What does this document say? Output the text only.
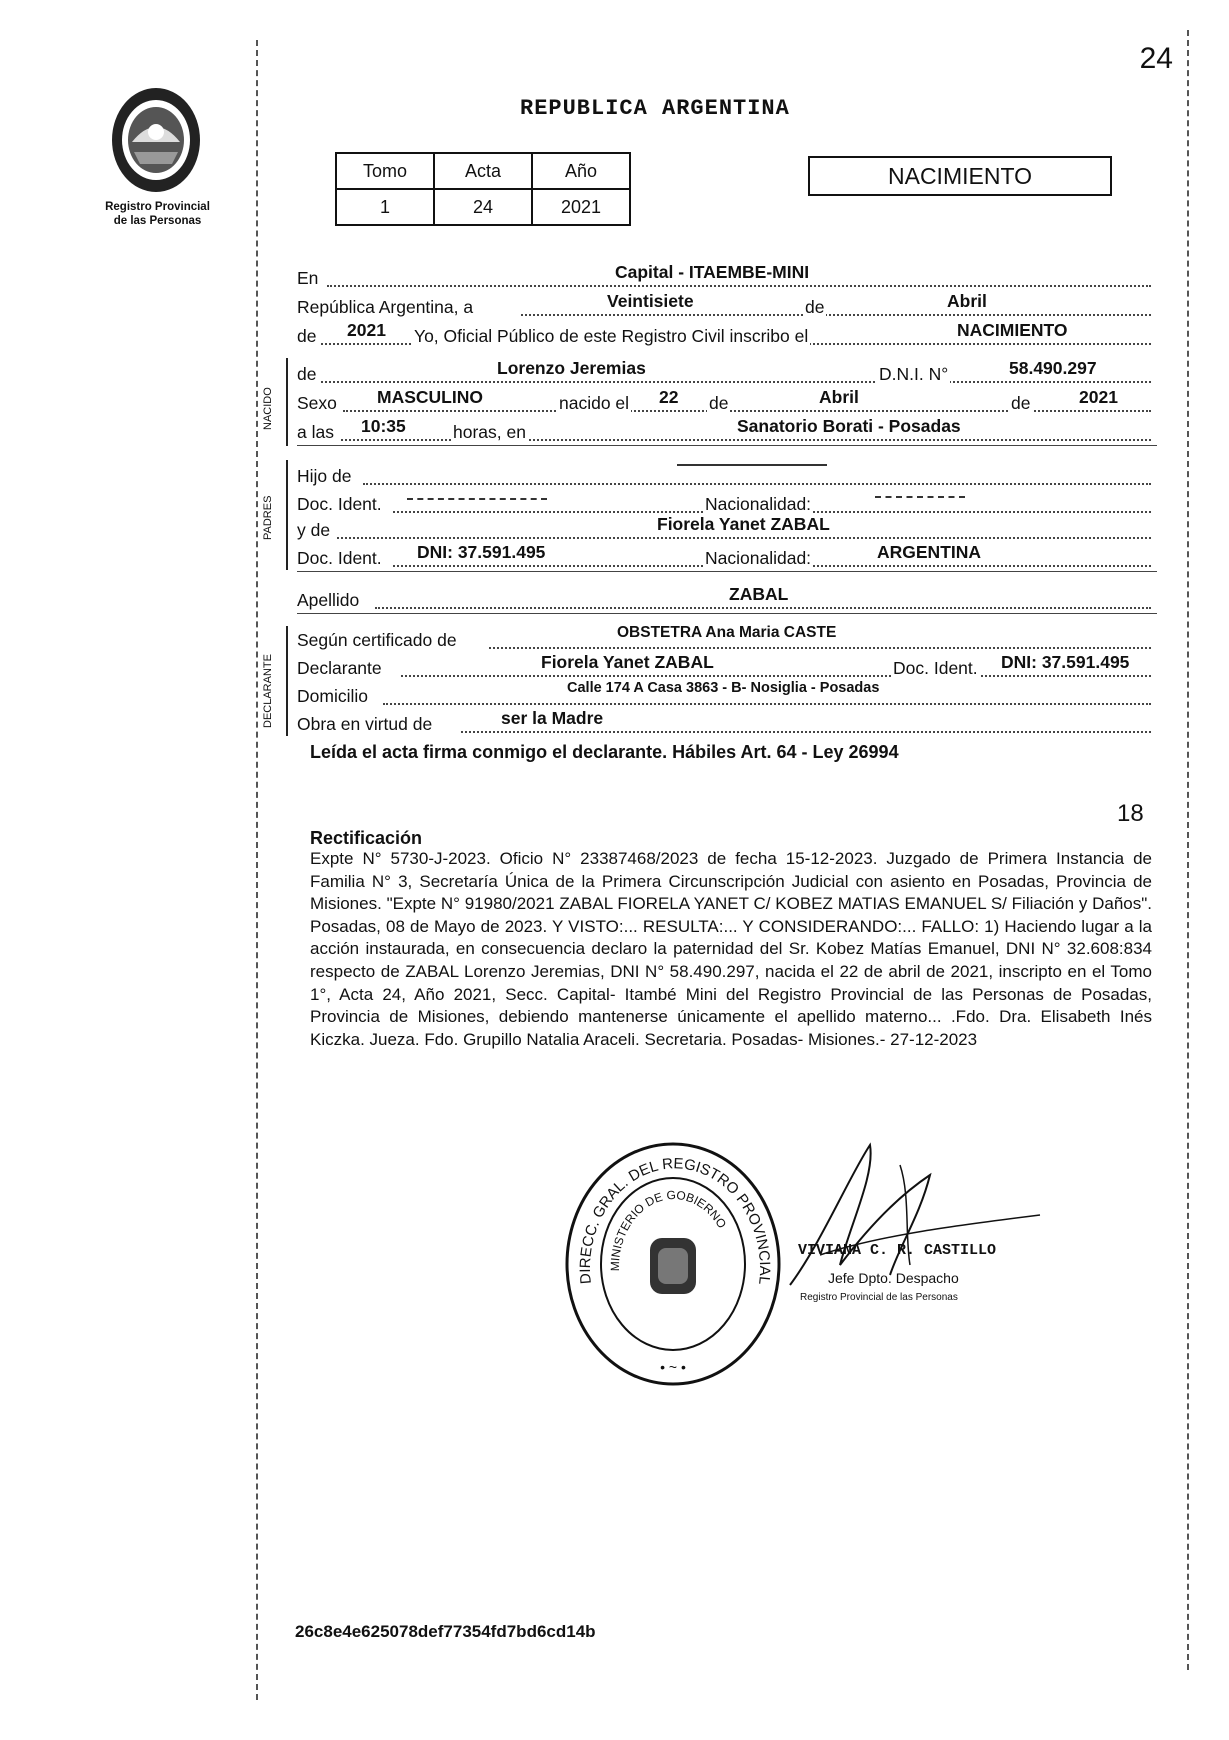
24
Registro Provincial
de las Personas
REPUBLICA ARGENTINA
Tomo	Acta	Año
1	24	2021
NACIMIENTO
En	Capital - ITAEMBE-MINI
República Argentina, a	Veintisiete	de	Abril
de 2021 Yo, Oficial Público de este Registro Civil inscribo el	NACIMIENTO
NACIDO
de	Lorenzo Jeremias	D.N.I. N°	58.490.297
Sexo MASCULINO	nacido el 22 de	Abril	de	2021
a las 10:35	horas, en	Sanatorio Borati - Posadas
PADRES
Hijo de
Doc. Ident.	Nacionalidad:
y de	Fiorela Yanet ZABAL
Doc. Ident. DNI: 37.591.495	Nacionalidad:	ARGENTINA
Apellido	ZABAL
DECLARANTE
Según certificado de	OBSTETRA Ana Maria CASTE
Declarante	Fiorela Yanet ZABAL	Doc. Ident. DNI: 37.591.495
Domicilio	Calle 174 A Casa 3863 - B- Nosiglia - Posadas
Obra en virtud de	ser la Madre
Leída el acta firma conmigo el declarante. Hábiles Art. 64 - Ley 26994
18
Rectificación
Expte N° 5730-J-2023. Oficio N° 23387468/2023 de fecha 15-12-2023. Juzgado de Primera Instancia de Familia N° 3, Secretaría Única de la Primera Circunscripción Judicial con asiento en Posadas, Provincia de Misiones. "Expte N° 91980/2021 ZABAL FIORELA YANET C/ KOBEZ MATIAS EMANUEL S/ Filiación y Daños". Posadas, 08 de Mayo de 2023. Y VISTO:... RESULTA:... Y CONSIDERANDO:... FALLO: 1) Haciendo lugar a la acción instaurada, en consecuencia declaro la paternidad del Sr. Kobez Matías Emanuel, DNI N° 32.608:834 respecto de ZABAL Lorenzo Jeremias, DNI N° 58.490.297, nacida el 22 de abril de 2021, inscripto en el Tomo 1°, Acta 24, Año 2021, Secc. Capital- Itambé Mini del Registro Provincial de las Personas de Posadas, Provincia de Misiones, debiendo mantenerse únicamente el apellido materno... .Fdo. Dra. Elisabeth Inés Kiczka. Jueza. Fdo. Grupillo Natalia Araceli. Secretaria. Posadas- Misiones.- 27-12-2023
DIRECC. GRAL. DEL REGISTRO PROVINCIAL
MINISTERIO DE GOBIERNO
• ~ •
VIVIANA C. R. CASTILLO
Jefe Dpto. Despacho
Registro Provincial de las Personas
26c8e4e625078def77354fd7bd6cd14b
